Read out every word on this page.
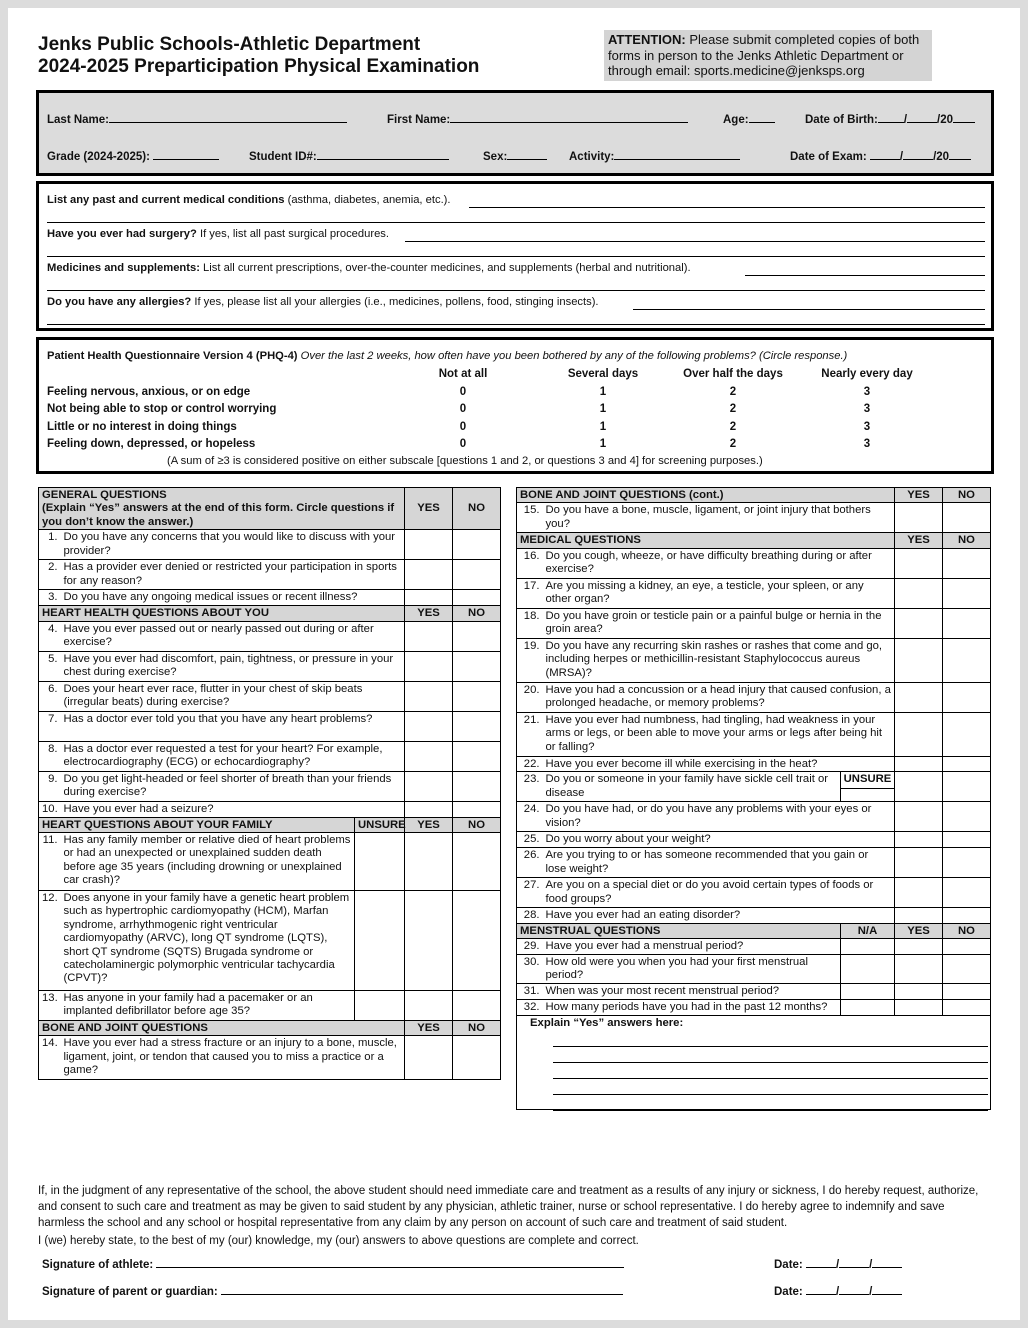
Jenks Public Schools-Athletic Department
2024-2025 Preparticipation Physical Examination
ATTENTION: Please submit completed copies of both forms in person to the Jenks Athletic Department or through email: sports.medicine@jenksps.org
Last Name:	First Name:	Age:	Date of Birth: /	/20
Grade (2024-2025):	Student ID#:	Sex:	Activity:	Date of Exam:	/	/20
List any past and current medical conditions (asthma, diabetes, anemia, etc.).
Have you ever had surgery? If yes, list all past surgical procedures.
Medicines and supplements: List all current prescriptions, over-the-counter medicines, and supplements (herbal and nutritional).
Do you have any allergies? If yes, please list all your allergies (i.e., medicines, pollens, food, stinging insects).
Patient Health Questionnaire Version 4 (PHQ-4) Over the last 2 weeks, how often have you been bothered by any of the following problems? (Circle response.)
Not at all	Several days	Over half the days	Nearly every day
Feeling nervous, anxious, or on edge	0	1	2	3
Not being able to stop or control worrying	0	1	2	3
Little or no interest in doing things	0	1	2	3
Feeling down, depressed, or hopeless	0	1	2	3
(A sum of ≥3 is considered positive on either subscale [questions 1 and 2, or questions 3 and 4] for screening purposes.)
GENERAL QUESTIONS
(Explain “Yes” answers at the end of this form. Circle questions if you don’t know the answer.)			YES	NO
1.	Do you have any concerns that you would like to discuss with your provider?			
2.	Has a provider ever denied or restricted your participation in sports for any reason?			
3.	Do you have any ongoing medical issues or recent illness?			
HEART HEALTH QUESTIONS ABOUT YOU			YES	NO
4.	Have you ever passed out or nearly passed out during or after exercise?			
5.	Have you ever had discomfort, pain, tightness, or pressure in your chest during exercise?			
6.	Does your heart ever race, flutter in your chest of skip beats (irregular beats) during exercise?			
7.	Has a doctor ever told you that you have any heart problems?			
8.	Has a doctor ever requested a test for your heart? For example, electrocardiography (ECG) or echocardiography?			
9.	Do you get light-headed or feel shorter of breath than your friends during exercise?			
10.	Have you ever had a seizure?			
HEART QUESTIONS ABOUT YOUR FAMILY		UNSURE	YES	NO
11.	Has any family member or relative died of heart problems or had an unexpected or unexplained sudden death before age 35 years (including drowning or unexplained car crash)?			
12.	Does anyone in your family have a genetic heart problem such as hypertrophic cardiomyopathy (HCM), Marfan syndrome, arrhythmogenic right ventricular cardiomyopathy (ARVC), long QT syndrome (LQTS), short QT syndrome (SQTS) Brugada syndrome or catecholaminergic polymorphic ventricular tachycardia (CPVT)?			
13.	Has anyone in your family had a pacemaker or an implanted defibrillator before age 35?			
BONE AND JOINT QUESTIONS			YES	NO
14.	Have you ever had a stress fracture or an injury to a bone, muscle, ligament, joint, or tendon that caused you to miss a practice or a game?			
BONE AND JOINT QUESTIONS (cont.)			YES	NO
15.	Do you have a bone, muscle, ligament, or joint injury that bothers you?			
MEDICAL QUESTIONS			YES	NO
16.	Do you cough, wheeze, or have difficulty breathing during or after exercise?			
17.	Are you missing a kidney, an eye, a testicle, your spleen, or any other organ?			
18.	Do you have groin or testicle pain or a painful bulge or hernia in the groin area?			
19.	Do you have any recurring skin rashes or rashes that come and go, including herpes or methicillin-resistant Staphylococcus aureus (MRSA)?			
20.	Have you had a concussion or a head injury that caused confusion, a prolonged headache, or memory problems?			
21.	Have you ever had numbness, had tingling, had weakness in your arms or legs, or been able to move your arms or legs after being hit or falling?			
22.	Have you ever become ill while exercising in the heat?			
23.	Do you or someone in your family have sickle cell trait or disease	UNSURE		

24.	Do you have had, or do you have any problems with your eyes or vision?			
25.	Do you worry about your weight?			
26.	Are you trying to or has someone recommended that you gain or lose weight?			
27.	Are you on a special diet or do you avoid certain types of foods or food groups?			
28.	Have you ever had an eating disorder?			
MENSTRUAL QUESTIONS		N/A	YES	NO
29.	Have you ever had a menstrual period?			
30.	How old were you when you had your first menstrual period?			
31.	When was your most recent menstrual period?			
32.	How many periods have you had in the past 12 months?			

Explain “Yes” answers here:				
If, in the judgment of any representative of the school, the above student should need immediate care and treatment as a results of any injury or sickness, I do hereby request, authorize, and consent to such care and treatment as may be given to said student by any physician, athletic trainer, nurse or school representative. I do hereby agree to indemnify and save harmless the school and any school or hospital representative from any claim by any person on account of such care and treatment of said student.
I (we) hereby state, to the best of my (our) knowledge, my (our) answers to above questions are complete and correct.
Signature of athlete:	Date:	/	/
Signature of parent or guardian:	Date:	/	/
